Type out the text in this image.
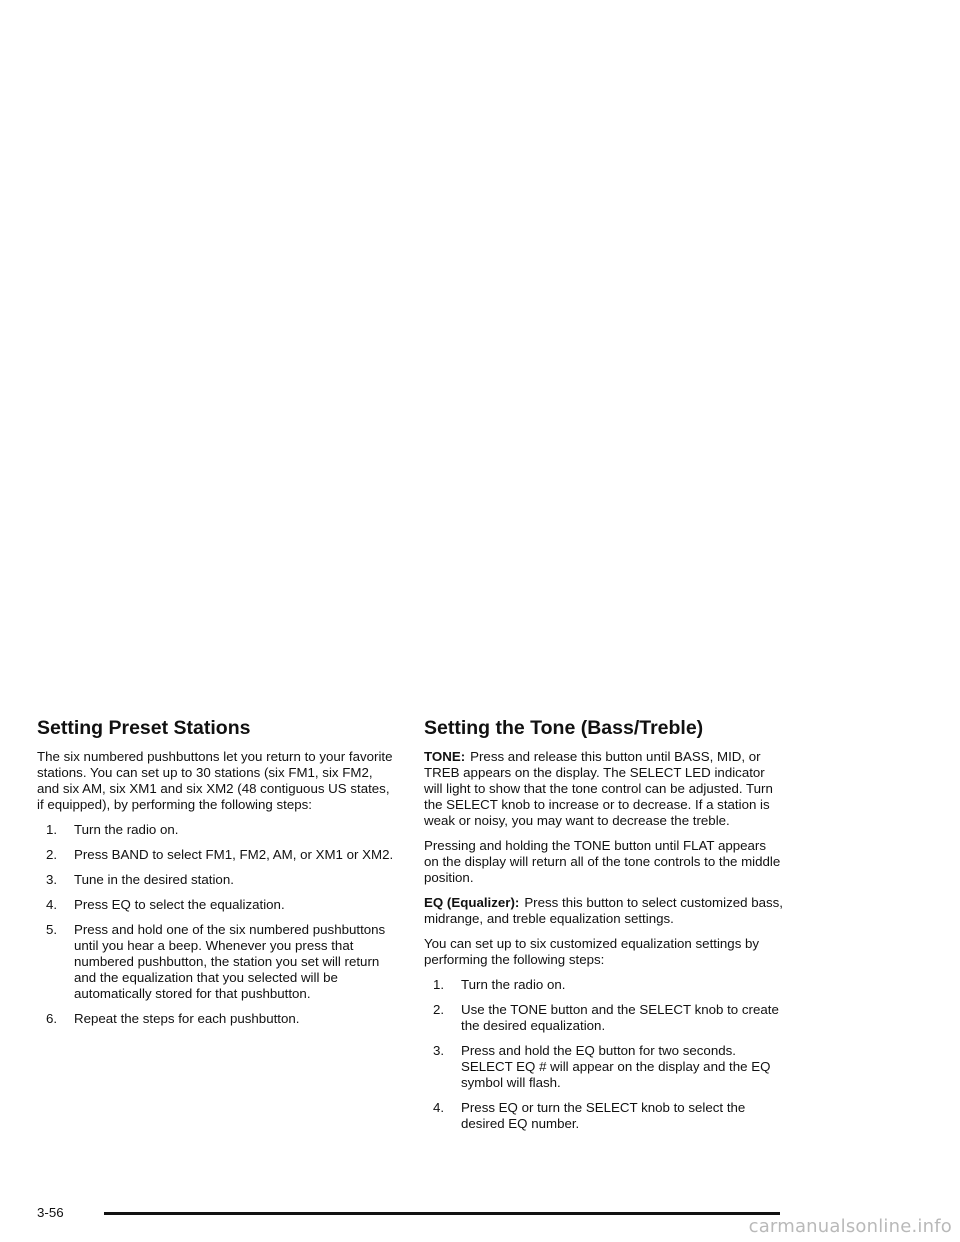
Setting Preset Stations

The six numbered pushbuttons let you return to your favorite stations. You can set up to 30 stations (six FM1, six FM2, and six AM, six XM1 and six XM2 (48 contiguous US states, if equipped), by performing the following steps:

1.	Turn the radio on.
2.	Press BAND to select FM1, FM2, AM, or XM1 or XM2.
3.	Tune in the desired station.
4.	Press EQ to select the equalization.
5.	Press and hold one of the six numbered pushbuttons until you hear a beep. Whenever you press that numbered pushbutton, the station you set will return and the equalization that you selected will be automatically stored for that pushbutton.
6.	Repeat the steps for each pushbutton.
Setting the Tone (Bass/Treble)

TONE: Press and release this button until BASS, MID, or TREB appears on the display. The SELECT LED indicator will light to show that the tone control can be adjusted. Turn the SELECT knob to increase or to decrease. If a station is weak or noisy, you may want to decrease the treble.

Pressing and holding the TONE button until FLAT appears on the display will return all of the tone controls to the middle position.

EQ (Equalizer): Press this button to select customized bass, midrange, and treble equalization settings.

You can set up to six customized equalization settings by performing the following steps:

1.	Turn the radio on.
2.	Use the TONE button and the SELECT knob to create the desired equalization.
3.	Press and hold the EQ button for two seconds. SELECT EQ # will appear on the display and the EQ symbol will flash.
4.	Press EQ or turn the SELECT knob to select the desired EQ number.
3-56
carmanualsonline.info
